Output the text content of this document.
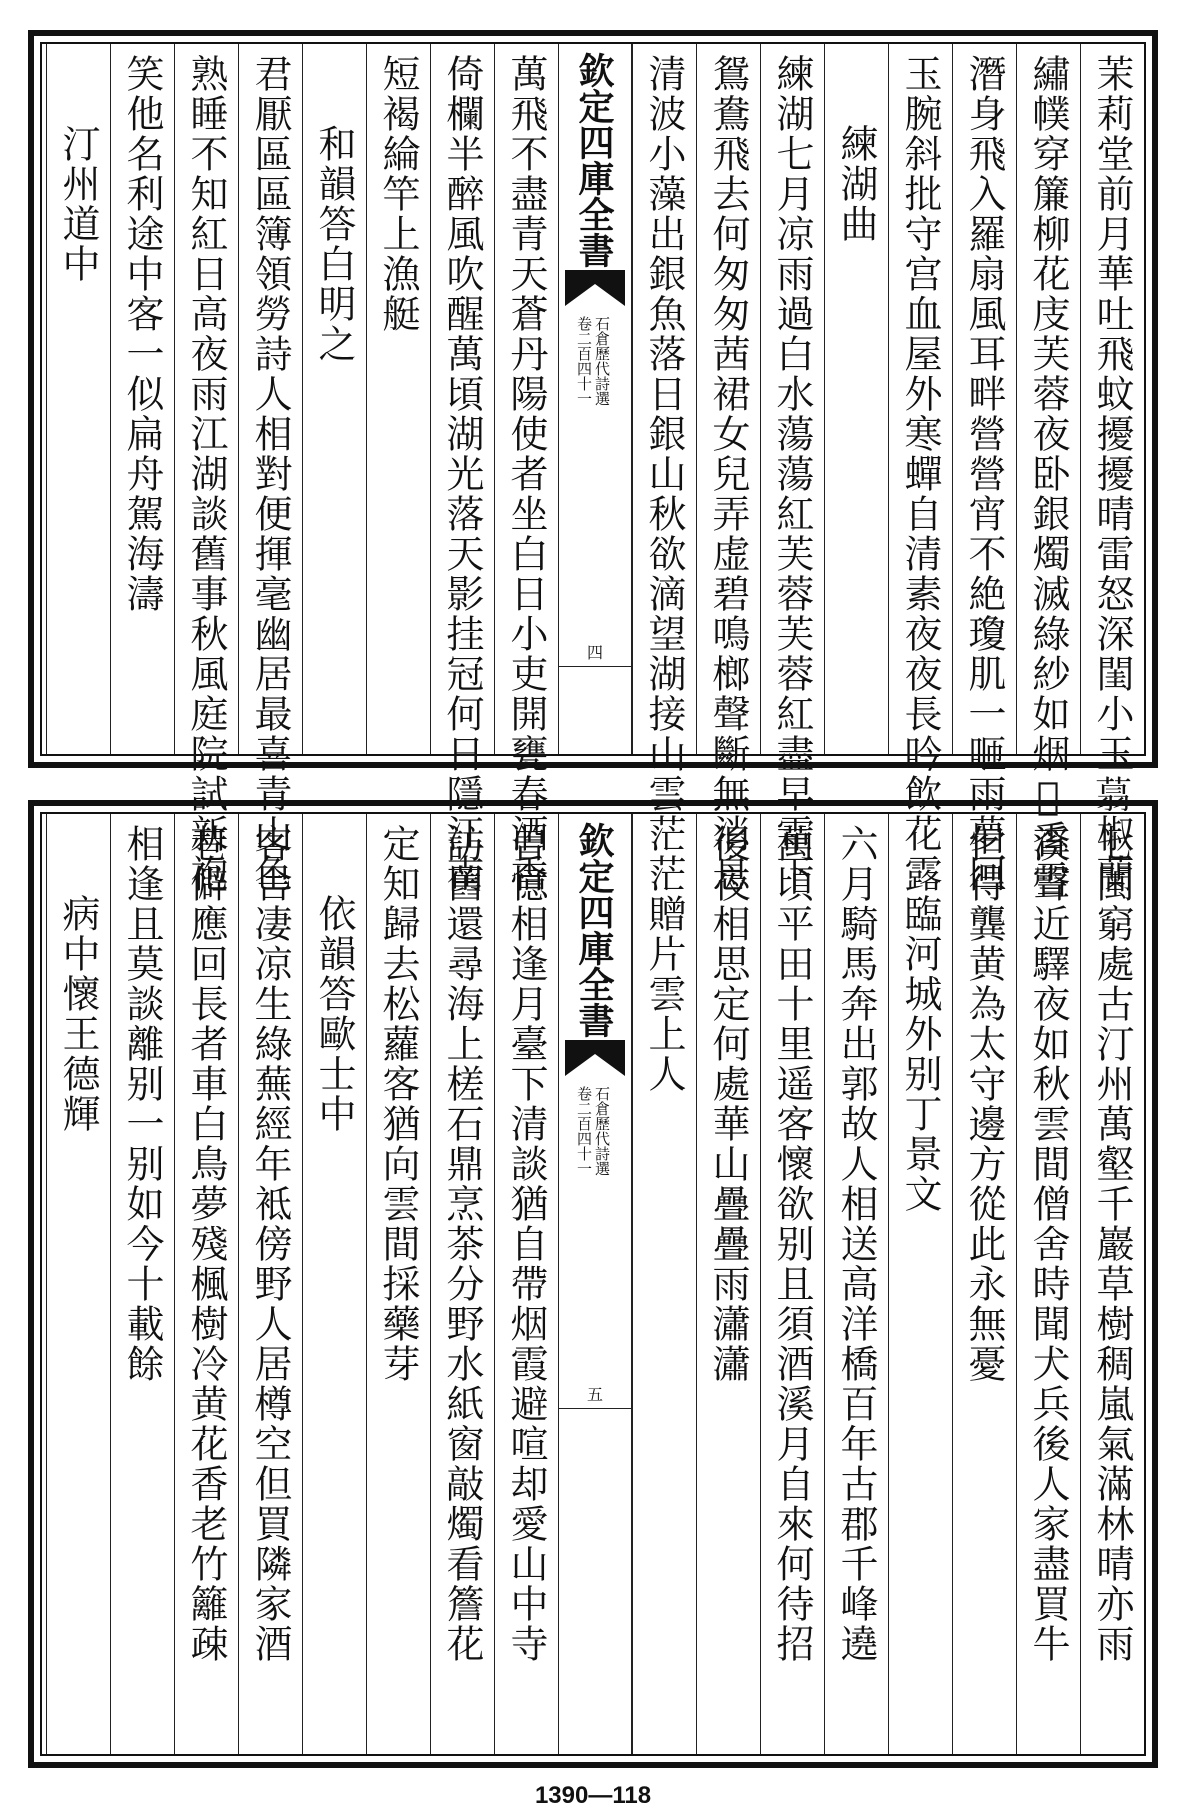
茉莉堂前月華吐飛蚊擾擾晴雷怒深閨小玉𦶑椒蘭
繡幞穿簾柳花庋芙蓉夜卧銀燭滅綠紗如烟𦤺香雪
潛身飛入羅扇風耳畔營營宵不絶瓊肌一咂雨夢回
玉腕斜批守宫血屋外寒蟬自清素夜夜長吟飲花露
練湖曲
練湖七月凉雨過白水蕩蕩紅芙蓉芙蓉紅盡早霜下
鴛鴦飛去何匆匆茜裙女兒弄虚碧鳴榔聲斷無消息
清波小藻出銀魚落日銀山秋欲滴望湖接山雲茫茫
欽定四庫全書
石倉歷代詩選
卷二百四十一
四
萬飛不盡青天蒼丹陽使者坐白日小吏開甕春酒香
倚欄半醉風吹醒萬頃湖光落天影挂冠何日隱江南
短褐綸竿上漁艇
和韻答白明之
君厭區區簿領勞詩人相對便揮毫幽居最喜青山色
熟睡不知紅日高夜雨江湖談舊事秋風庭院試新袍
笑他名利途中客一似扁舟駕海濤
汀州道中
七閩窮處古汀州萬壑千巖草樹稠嵐氣滿林晴亦雨
溪聲近驛夜如秋雲間僧舍時聞犬兵後人家盡買牛
但得龔黄為太守邊方從此永無憂
臨河城外别丁景文
六月騎馬奔出郭故人相送高洋橋百年古郡千峰遶
萬頃平田十里遥客懷欲别且須酒溪月自來何待招
後夜相思定何處華山疊疊雨瀟瀟
贈片雲上人
欽定四庫全書
石倉歷代詩選
卷二百四十一
五
曽憶相逢月臺下清談猶自帶烟霞避喧却愛山中寺
訪舊還尋海上槎石鼎烹茶分野水紙窗敲燭看簷花
定知歸去松蘿客猶向雲間採藥芽
依韻答歐士中
客舍凄凉生綠蕪經年袛傍野人居樽空但買隣家酒
巷僻應回長者車白鳥夢殘楓樹冷黄花香老竹籬疎
相逢且莫談離别一别如今十載餘
病中懷王德輝
1390—118
